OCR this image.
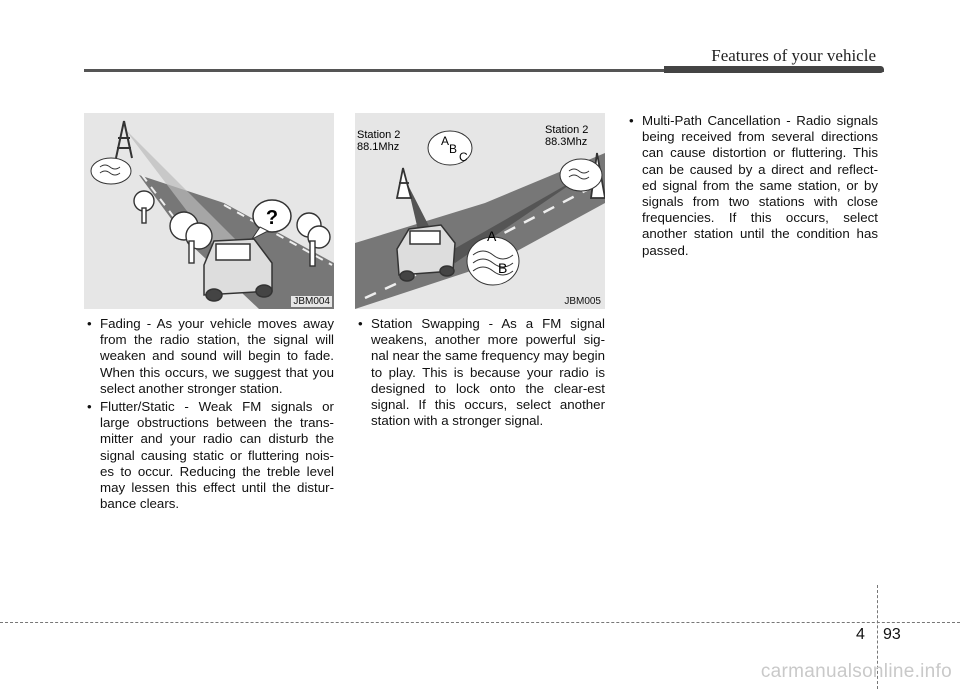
Features of your vehicle
?
JBM004
A
B
C
A
B
Station 2
88.1Mhz
Station 2
88.3Mhz
JBM005
• Fading - As your vehicle moves away from the radio station, the signal will weaken and sound will begin to fade. When this occurs, we suggest that you select another stronger station.
• Flutter/Static - Weak FM signals or large obstructions between the trans-mitter and your radio can disturb the signal causing static or fluttering nois-es to occur. Reducing the treble level may lessen this effect until the distur-bance clears.
• Station Swapping - As a FM signal weakens, another more powerful sig-nal near the same frequency may begin to play. This is because your radio is designed to lock onto the clear-est signal. If this occurs, select another station with a stronger signal.
• Multi-Path Cancellation - Radio signals being received from several directions can cause distortion or fluttering. This can be caused by a direct and reflect-ed signal from the same station, or by signals from two stations with close frequencies. If this occurs, select another station until the condition has passed.
4 93
carmanualsonline.info
